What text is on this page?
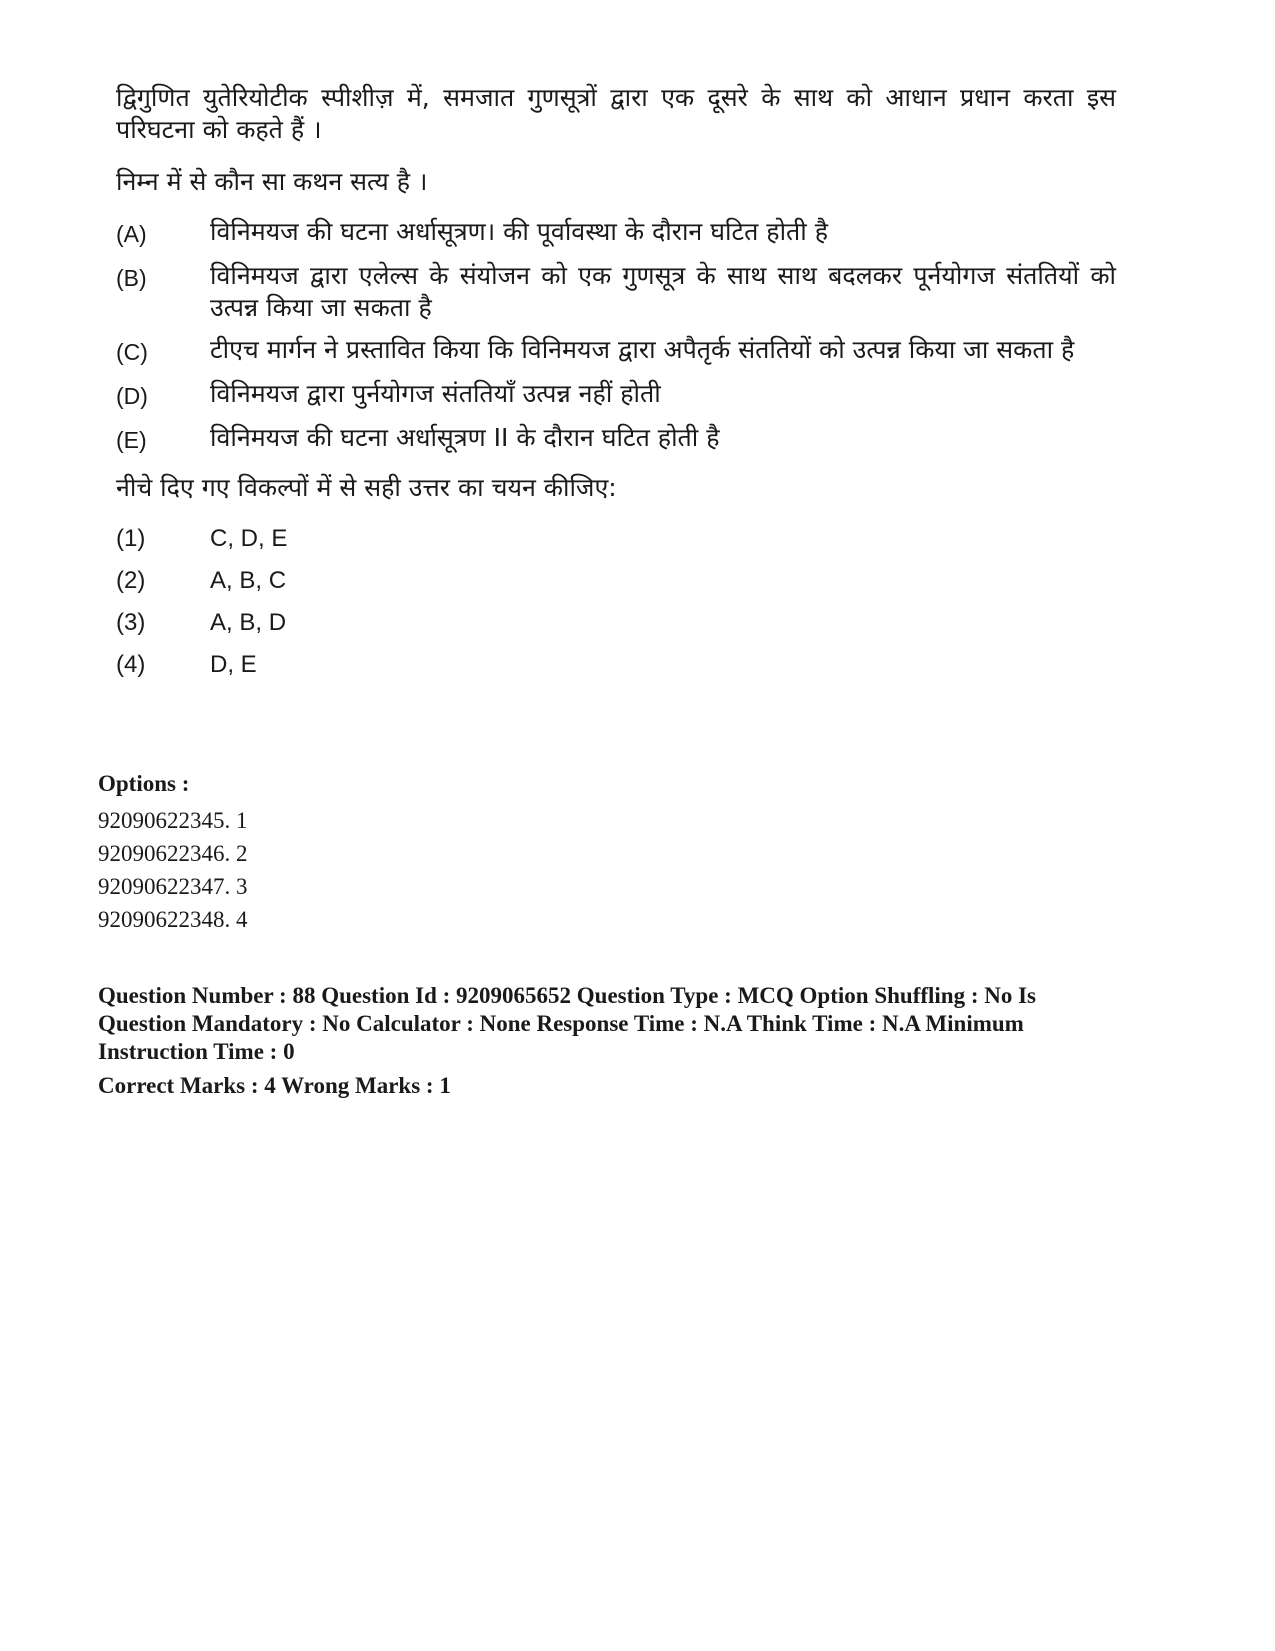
द्विगुणित युतेरियोटीक स्पीशीज़ में, समजात गुणसूत्रों द्वारा एक दूसरे के साथ को आधान प्रधान करता इस परिघटना को कहते हैं ।

निम्न में से कौन सा कथन सत्य है ।

(A)	विनिमयज की घटना अर्धासूत्रण। की पूर्वावस्था के दौरान घटित होती है
(B)	विनिमयज द्वारा एलेल्स के संयोजन को एक गुणसूत्र के साथ साथ बदलकर पूर्नयोगज संततियों को उत्पन्न किया जा सकता है
(C)	टीएच मार्गन ने प्रस्तावित किया कि विनिमयज द्वारा अपैतृर्क संततियों को उत्पन्न किया जा सकता है
(D)	विनिमयज द्वारा पुर्नयोगज संततियाँ उत्पन्न नहीं होती
(E)	विनिमयज की घटना अर्धासूत्रण II के दौरान घटित होती है

नीचे दिए गए विकल्पों में से सही उत्तर का चयन कीजिए:

(1)	C, D, E
(2)	A, B, C
(3)	A, B, D
(4)	D, E
Options :
92090622345. 1
92090622346. 2
92090622347. 3
92090622348. 4
Question Number : 88 Question Id : 9209065652 Question Type : MCQ Option Shuffling : No Is
Question Mandatory : No Calculator : None Response Time : N.A Think Time : N.A Minimum
Instruction Time : 0
Correct Marks : 4 Wrong Marks : 1
